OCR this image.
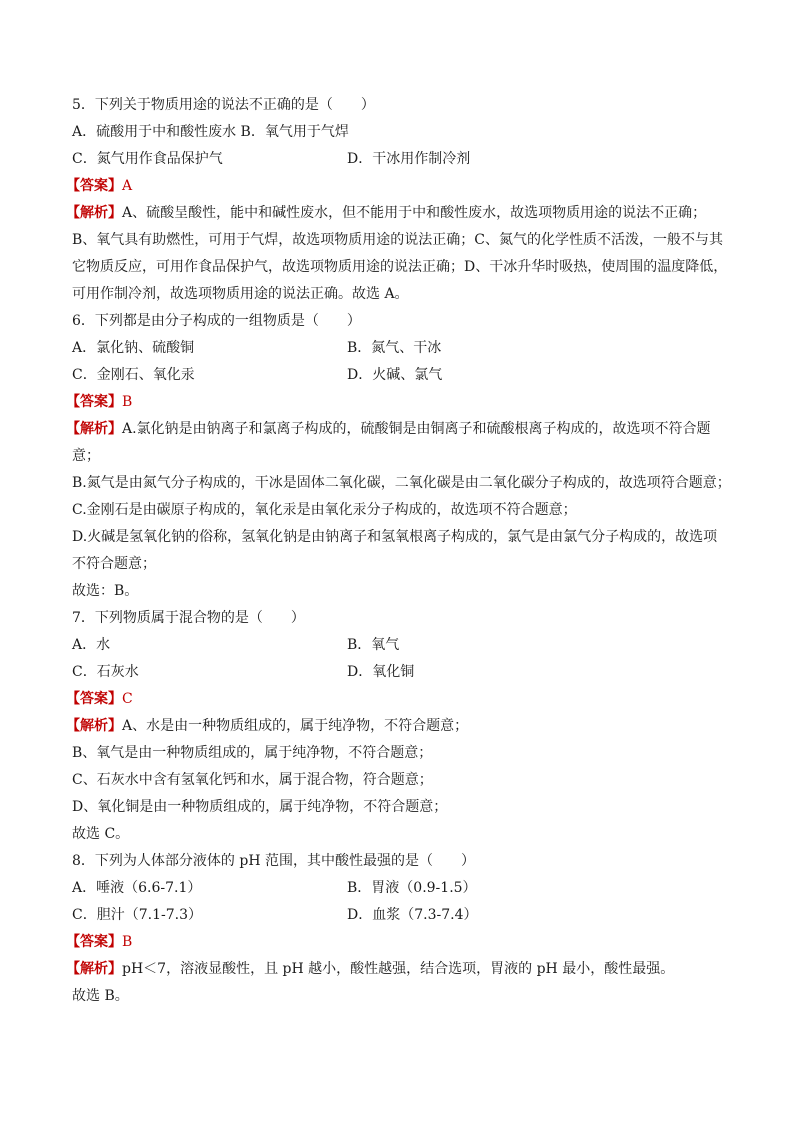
5．下列关于物质用途的说法不正确的是（　　）
A．硫酸用于中和酸性废水 B．氧气用于气焊
C．氮气用作食品保护气	D．干冰用作制冷剂
【答案】A
【解析】A、硫酸呈酸性，能中和碱性废水，但不能用于中和酸性废水，故选项物质用途的说法不正确；
B、氧气具有助燃性，可用于气焊，故选项物质用途的说法正确；C、氮气的化学性质不活泼，一般不与其
它物质反应，可用作食品保护气，故选项物质用途的说法正确；D、干冰升华时吸热，使周围的温度降低，
可用作制冷剂，故选项物质用途的说法正确。故选 A。
6．下列都是由分子构成的一组物质是（　　）
A．氯化钠、硫酸铜	B．氮气、干冰
C．金刚石、氧化汞	D．火碱、氯气
【答案】B
【解析】A.氯化钠是由钠离子和氯离子构成的，硫酸铜是由铜离子和硫酸根离子构成的，故选项不符合题
意；
B.氮气是由氮气分子构成的，干冰是固体二氧化碳，二氧化碳是由二氧化碳分子构成的，故选项符合题意；
C.金刚石是由碳原子构成的，氧化汞是由氧化汞分子构成的，故选项不符合题意；
D.火碱是氢氧化钠的俗称，氢氧化钠是由钠离子和氢氧根离子构成的，氯气是由氯气分子构成的，故选项
不符合题意；
故选：B。
7．下列物质属于混合物的是（　　）
A．水	B．氧气
C．石灰水	D．氧化铜
【答案】C
【解析】A、水是由一种物质组成的，属于纯净物，不符合题意；
B、氧气是由一种物质组成的，属于纯净物，不符合题意；
C、石灰水中含有氢氧化钙和水，属于混合物，符合题意；
D、氧化铜是由一种物质组成的，属于纯净物，不符合题意；
故选 C。
8．下列为人体部分液体的 pH 范围，其中酸性最强的是（　　）
A．唾液（6.6-7.1）	B．胃液（0.9-1.5）
C．胆汁（7.1-7.3）	D．血浆（7.3-7.4）
【答案】B
【解析】pH＜7，溶液显酸性，且 pH 越小，酸性越强，结合选项，胃液的 pH 最小，酸性最强。
故选 B。
